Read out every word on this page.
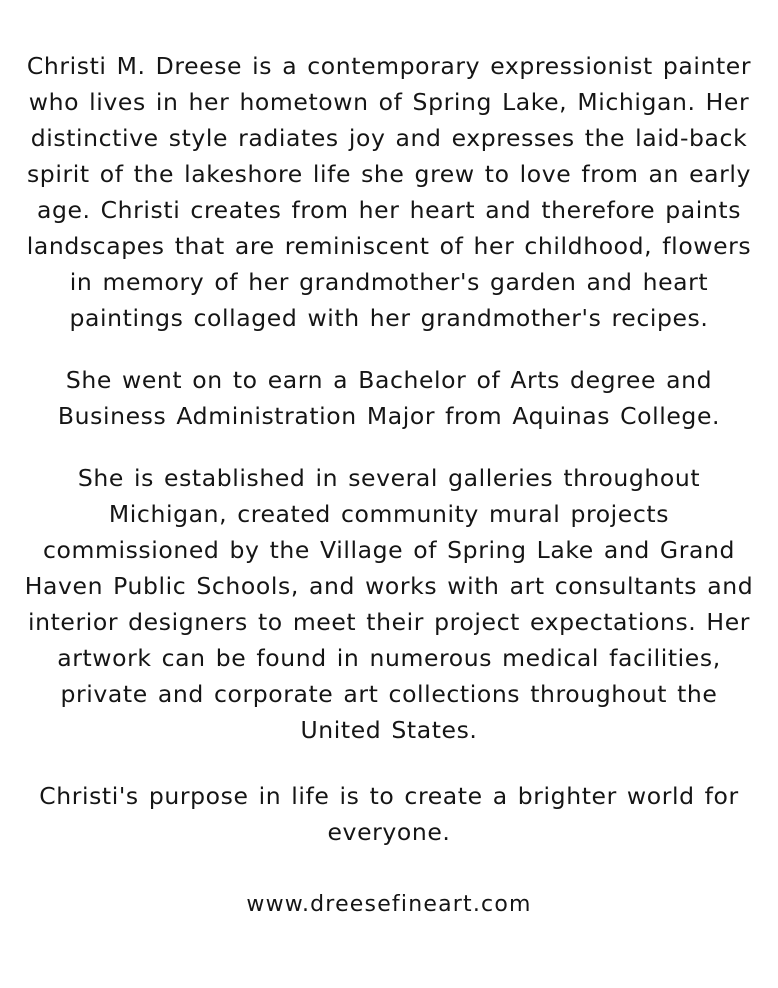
Christi M. Dreese is a contemporary expressionist painter who lives in her hometown of Spring Lake, Michigan. Her distinctive style radiates joy and expresses the laid-back spirit of the lakeshore life she grew to love from an early age. Christi creates from her heart and therefore paints landscapes that are reminiscent of her childhood, flowers in memory of her grandmother's garden and heart paintings collaged with her grandmother's recipes.
She went on to earn a Bachelor of Arts degree and Business Administration Major from Aquinas College.
She is established in several galleries throughout Michigan, created community mural projects commissioned by the Village of Spring Lake and Grand Haven Public Schools, and works with art consultants and interior designers to meet their project expectations. Her artwork can be found in numerous medical facilities, private and corporate art collections throughout the United States.
Christi's purpose in life is to create a brighter world for everyone.
www.dreesefineart.com
